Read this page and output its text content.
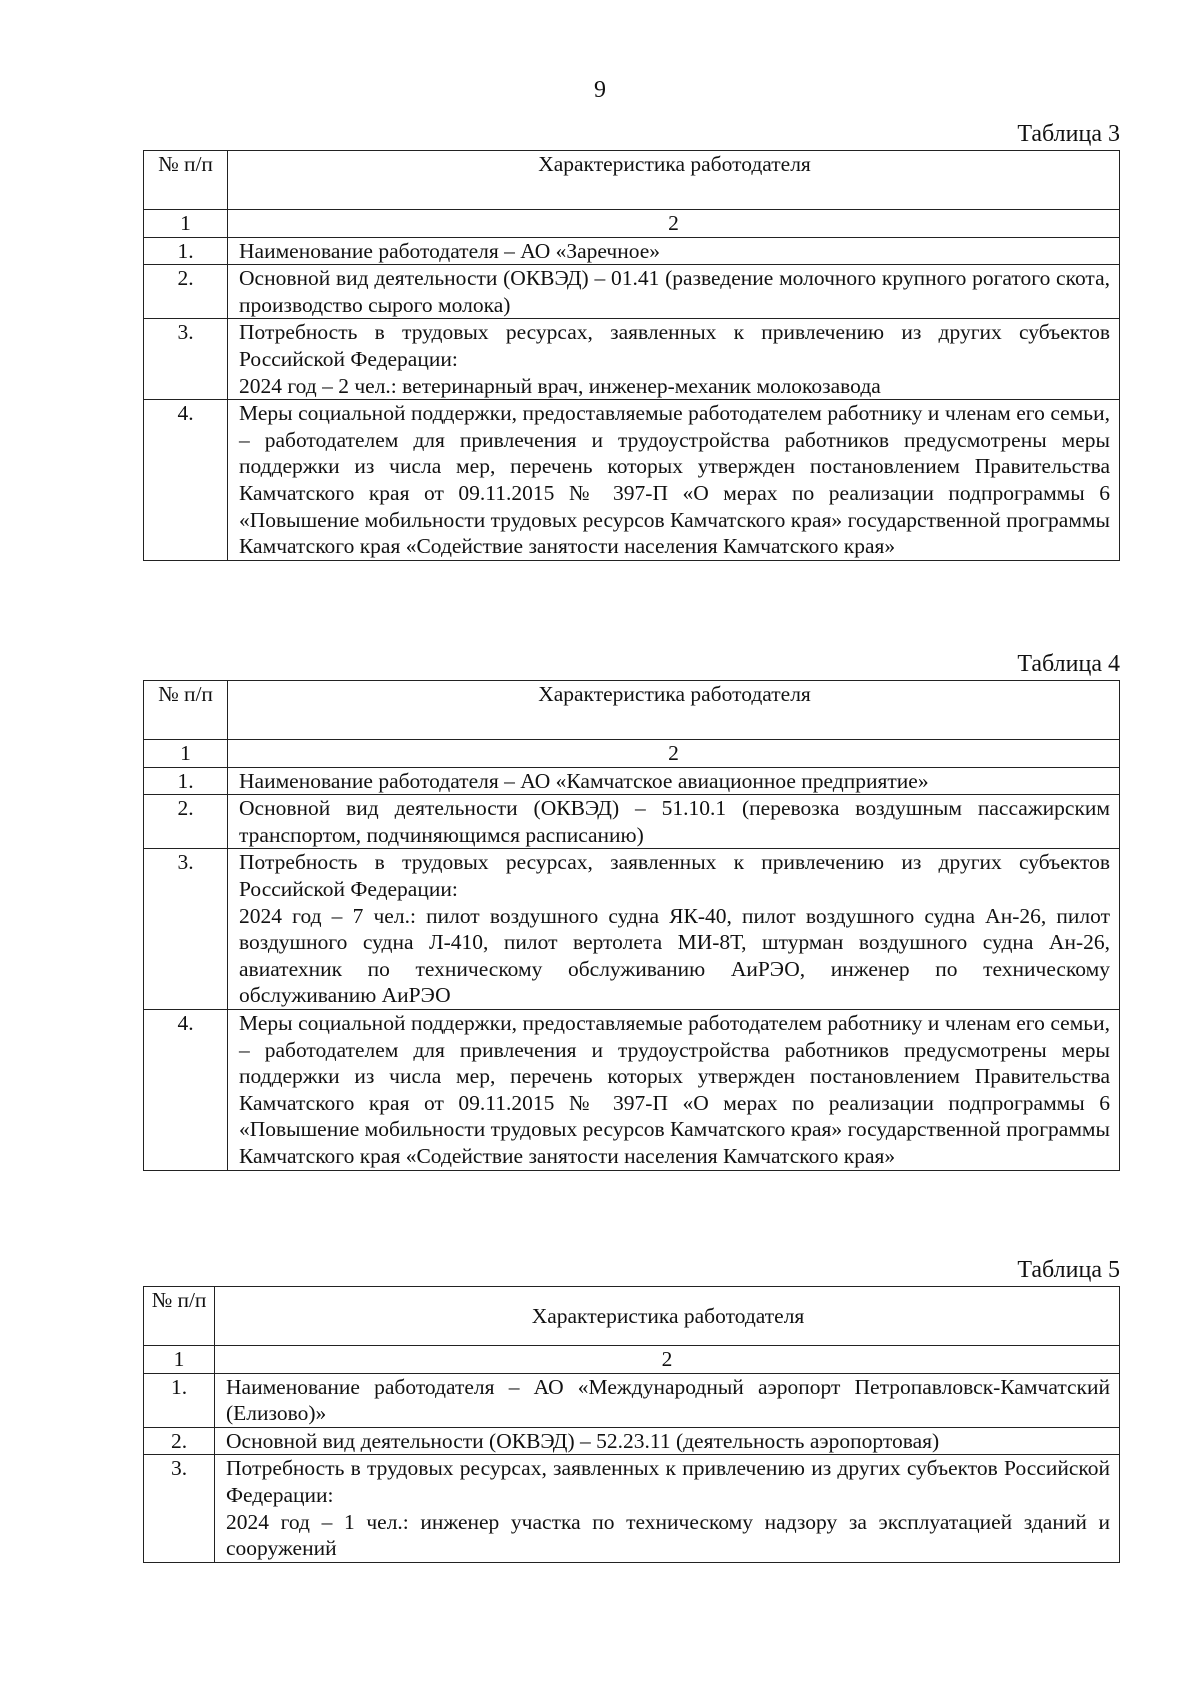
9
Таблица 3
№ п/п	Характеристика работодателя
1	2
1.	Наименование работодателя – АО «Заречное»
2.	Основной вид деятельности (ОКВЭД) – 01.41 (разведение молочного крупного рогатого скота, производство сырого молока)
3.	Потребность в трудовых ресурсах, заявленных к привлечению из других субъектов Российской Федерации:
2024 год – 2 чел.: ветеринарный врач, инженер-механик молокозавода

4.	Меры социальной поддержки, предоставляемые работодателем работнику и членам его семьи, – работодателем для привлечения и трудоустройства работников предусмотрены меры поддержки из числа мер, перечень которых утвержден постановлением Правительства Камчатского края от 09.11.2015 № 397-П «О мерах по реализации подпрограммы 6 «Повышение мобильности трудовых ресурсов Камчатского края» государственной программы Камчатского края «Содействие занятости населения Камчатского края»
Таблица 4
№ п/п	Характеристика работодателя
1	2
1.	Наименование работодателя – АО «Камчатское авиационное предприятие»
2.	Основной вид деятельности (ОКВЭД) – 51.10.1 (перевозка воздушным пассажирским транспортом, подчиняющимся расписанию)
3.	Потребность в трудовых ресурсах, заявленных к привлечению из других субъектов Российской Федерации:
2024 год – 7 чел.: пилот воздушного судна ЯК-40, пилот воздушного судна Ан-26, пилот воздушного судна Л-410, пилот вертолета МИ-8Т, штурман воздушного судна Ан-26, авиатехник по техническому обслуживанию АиРЭО, инженер по техническому обслуживанию АиРЭО

4.	Меры социальной поддержки, предоставляемые работодателем работнику и членам его семьи, – работодателем для привлечения и трудоустройства работников предусмотрены меры поддержки из числа мер, перечень которых утвержден постановлением Правительства Камчатского края от 09.11.2015 № 397-П «О мерах по реализации подпрограммы 6 «Повышение мобильности трудовых ресурсов Камчатского края» государственной программы Камчатского края «Содействие занятости населения Камчатского края»
Таблица 5
№ п/п	Характеристика работодателя
1	2
1.	Наименование работодателя – АО «Международный аэропорт Петропавловск-Камчатский (Елизово)»
2.	Основной вид деятельности (ОКВЭД) – 52.23.11 (деятельность аэропортовая)
3.	Потребность в трудовых ресурсах, заявленных к привлечению из других субъектов Российской Федерации:
2024 год – 1 чел.: инженер участка по техническому надзору за эксплуатацией зданий и сооружений
